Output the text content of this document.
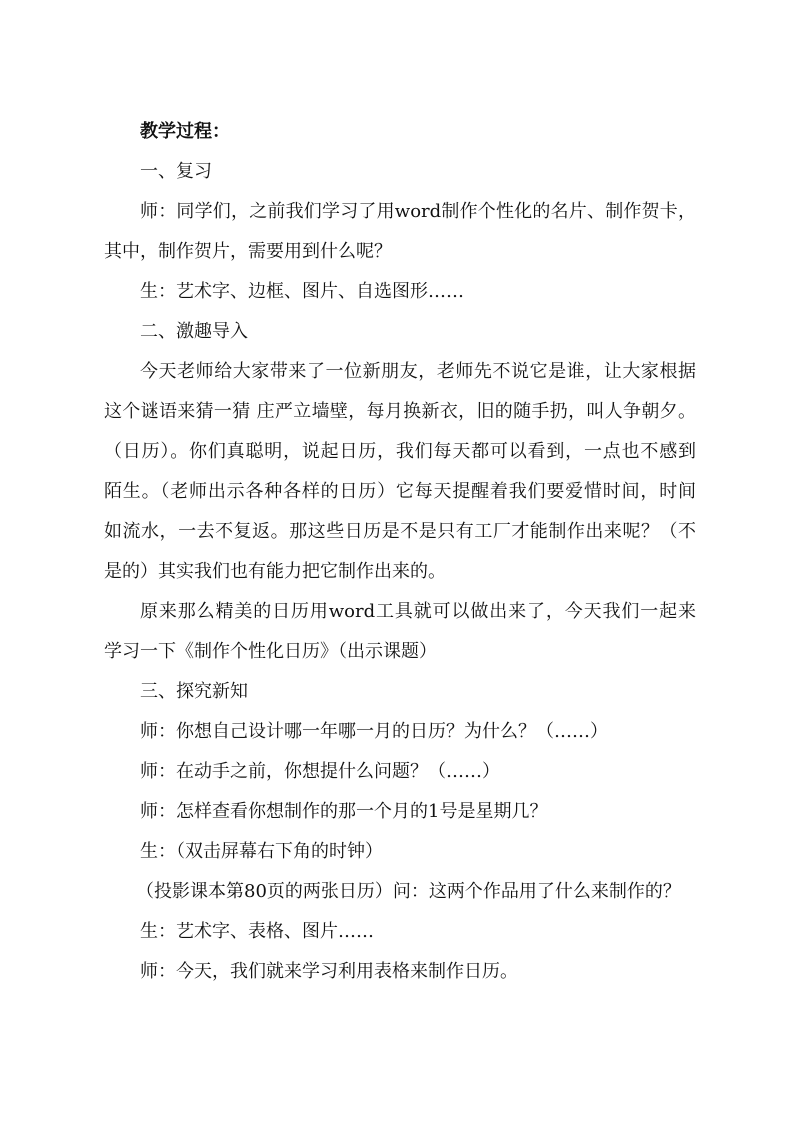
教学过程：
一、复习
师：同学们，之前我们学习了用word制作个性化的名片、制作贺卡，
其中，制作贺片，需要用到什么呢？
生：艺术字、边框、图片、自选图形……
二、激趣导入
今天老师给大家带来了一位新朋友，老师先不说它是谁，让大家根据
这个谜语来猜一猜 庄严立墙壁，每月换新衣，旧的随手扔，叫人争朝夕。
（日历）。你们真聪明，说起日历，我们每天都可以看到，一点也不感到
陌生。（老师出示各种各样的日历）它每天提醒着我们要爱惜时间，时间
如流水，一去不复返。那这些日历是不是只有工厂才能制作出来呢？（不
是的）其实我们也有能力把它制作出来的。
原来那么精美的日历用word工具就可以做出来了，今天我们一起来
学习一下《制作个性化日历》（出示课题）
三、探究新知
师：你想自己设计哪一年哪一月的日历？为什么？（……）
师：在动手之前，你想提什么问题？（……）
师：怎样查看你想制作的那一个月的1号是星期几？
生：（双击屏幕右下角的时钟）
（投影课本第80页的两张日历）问：这两个作品用了什么来制作的？
生：艺术字、表格、图片……
师：今天，我们就来学习利用表格来制作日历。
